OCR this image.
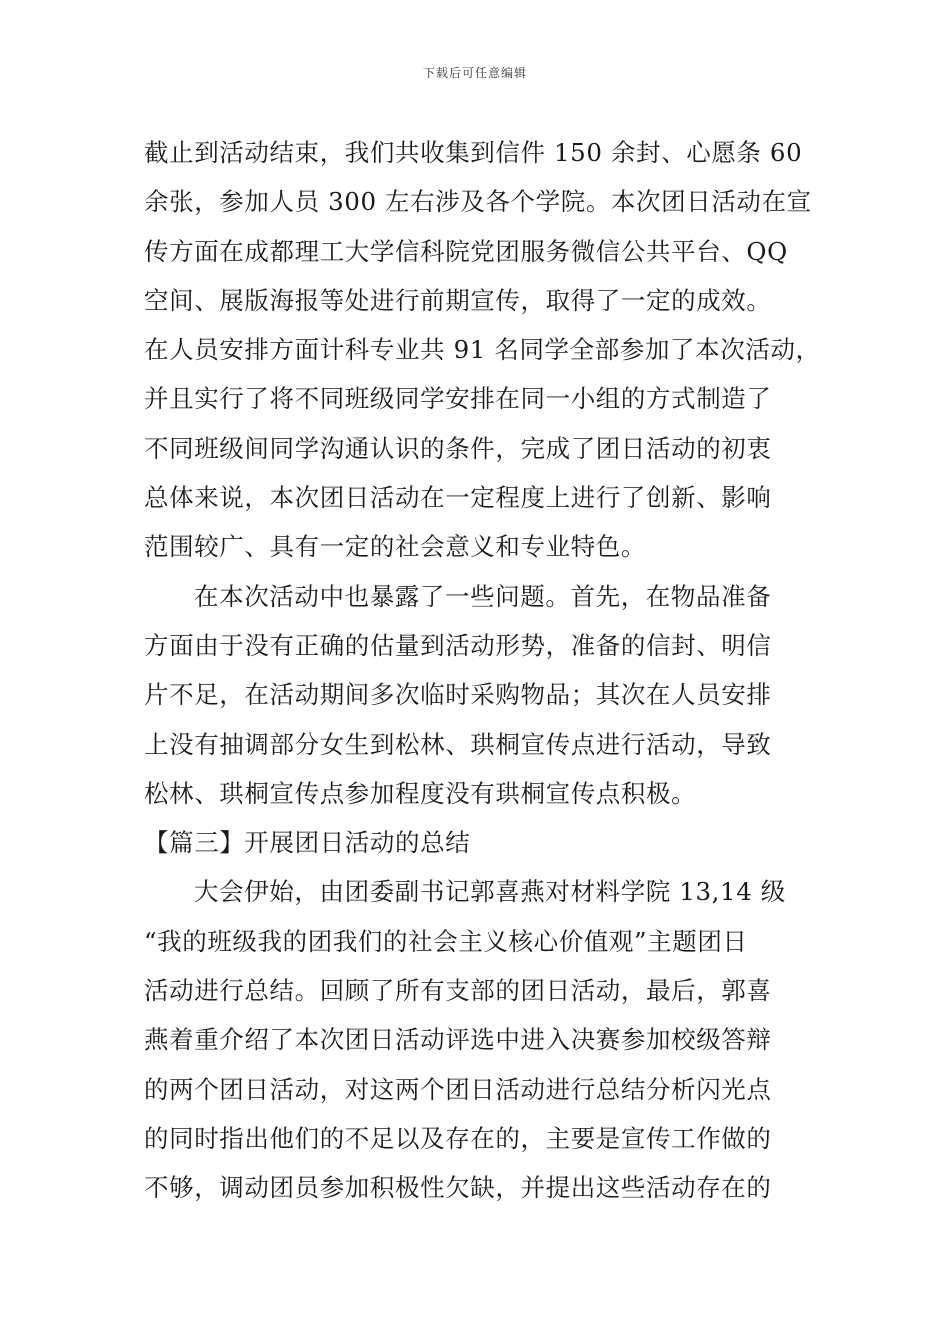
下载后可任意编辑
截止到活动结束，我们共收集到信件 150 余封、心愿条 60
余张，参加人员 300 左右涉及各个学院。本次团日活动在宣
传方面在成都理工大学信科院党团服务微信公共平台、QQ
空间、展版海报等处进行前期宣传，取得了一定的成效。
在人员安排方面计科专业共 91 名同学全部参加了本次活动，
并且实行了将不同班级同学安排在同一小组的方式制造了
不同班级间同学沟通认识的条件，完成了团日活动的初衷
总体来说，本次团日活动在一定程度上进行了创新、影响
范围较广、具有一定的社会意义和专业特色。
在本次活动中也暴露了一些问题。首先，在物品准备
方面由于没有正确的估量到活动形势，准备的信封、明信
片不足，在活动期间多次临时采购物品；其次在人员安排
上没有抽调部分女生到松林、珙桐宣传点进行活动，导致
松林、珙桐宣传点参加程度没有珙桐宣传点积极。
【篇三】开展团日活动的总结
大会伊始，由团委副书记郭喜燕对材料学院 13,14 级
“我的班级我的团我们的社会主义核心价值观”主题团日
活动进行总结。回顾了所有支部的团日活动，最后，郭喜
燕着重介绍了本次团日活动评选中进入决赛参加校级答辩
的两个团日活动，对这两个团日活动进行总结分析闪光点
的同时指出他们的不足以及存在的，主要是宣传工作做的
不够，调动团员参加积极性欠缺，并提出这些活动存在的
